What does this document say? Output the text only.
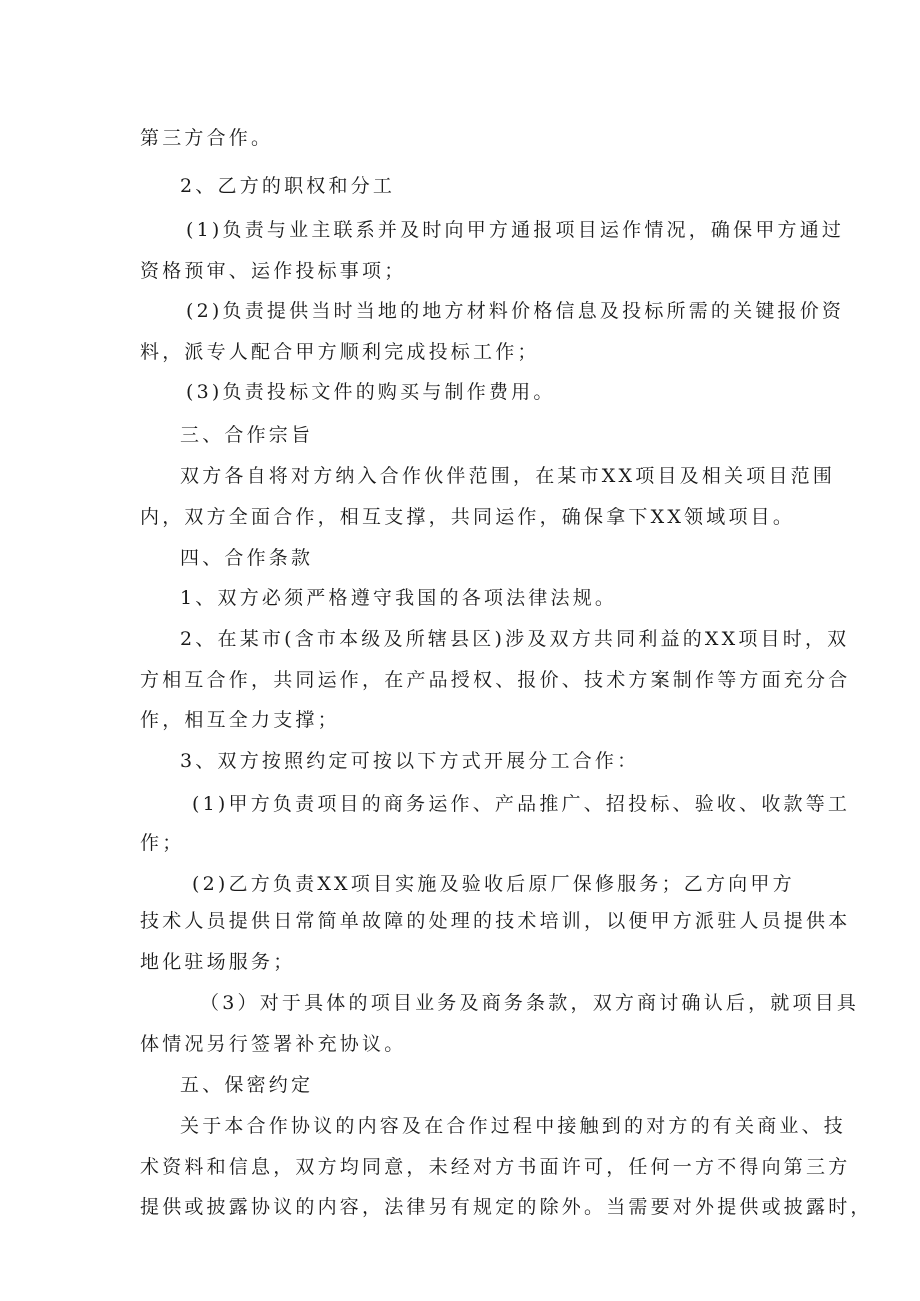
第三方合作。
2、乙方的职权和分工
(1)负责与业主联系并及时向甲方通报项目运作情况，确保甲方通过
资格预审、运作投标事项；
(2)负责提供当时当地的地方材料价格信息及投标所需的关键报价资
料，派专人配合甲方顺利完成投标工作；
(3)负责投标文件的购买与制作费用。
三、合作宗旨
双方各自将对方纳入合作伙伴范围，在某市XX项目及相关项目范围
内，双方全面合作，相互支撑，共同运作，确保拿下XX领域项目。
四、合作条款
1、双方必须严格遵守我国的各项法律法规。
2、在某市(含市本级及所辖县区)涉及双方共同利益的XX项目时，双
方相互合作，共同运作，在产品授权、报价、技术方案制作等方面充分合
作，相互全力支撑；
3、双方按照约定可按以下方式开展分工合作：
(1)甲方负责项目的商务运作、产品推广、招投标、验收、收款等工
作；
(2)乙方负责XX项目实施及验收后原厂保修服务；乙方向甲方
技术人员提供日常简单故障的处理的技术培训，以便甲方派驻人员提供本
地化驻场服务；
（3）对于具体的项目业务及商务条款，双方商讨确认后，就项目具
体情况另行签署补充协议。
五、保密约定
关于本合作协议的内容及在合作过程中接触到的对方的有关商业、技
术资料和信息，双方均同意，未经对方书面许可，任何一方不得向第三方
提供或披露协议的内容，法律另有规定的除外。当需要对外提供或披露时，
